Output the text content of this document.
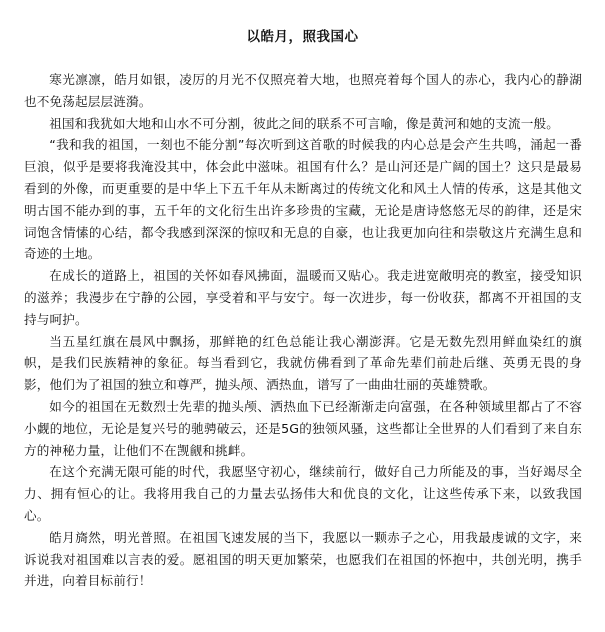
以皓月，照我国心

寒光凛凛，皓月如银，凌厉的月光不仅照亮着大地，也照亮着每个国人的赤心，我内心的静湖也不免荡起层层涟漪。

祖国和我犹如大地和山水不可分割，彼此之间的联系不可言喻，像是黄河和她的支流一般。

“我和我的祖国，一刻也不能分割”每次听到这首歌的时候我的内心总是会产生共鸣，涌起一番巨浪，似乎是要将我淹没其中，体会此中滋味。祖国有什么？是山河还是广阔的国土？这只是最易看到的外像，而更重要的是中华上下五千年从未断离过的传统文化和风土人情的传承，这是其他文明古国不能办到的事，五千年的文化衍生出许多珍贵的宝藏，无论是唐诗悠悠无尽的韵律，还是宋词饱含情愫的心结，都令我感到深深的惊叹和无息的自豪，也让我更加向往和崇敬这片充满生息和奇迹的土地。

在成长的道路上，祖国的关怀如春风拂面，温暖而又贴心。我走进宽敞明亮的教室，接受知识的滋养；我漫步在宁静的公园，享受着和平与安宁。每一次进步，每一份收获，都离不开祖国的支持与呵护。

当五星红旗在晨风中飘扬，那鲜艳的红色总能让我心潮澎湃。它是无数先烈用鲜血染红的旗帜，是我们民族精神的象征。每当看到它，我就仿佛看到了革命先辈们前赴后继、英勇无畏的身影，他们为了祖国的独立和尊严，抛头颅、洒热血，谱写了一曲曲壮丽的英雄赞歌。

如今的祖国在无数烈士先辈的抛头颅、洒热血下已经渐渐走向富强，在各种领域里都占了不容小觑的地位，无论是复兴号的驰骋破云，还是5G的独领风骚，这些都让全世界的人们看到了来自东方的神秘力量，让他们不在觊觎和挑衅。

在这个充满无限可能的时代，我愿坚守初心，继续前行，做好自己力所能及的事，当好竭尽全力、拥有恒心的让。我将用我自己的力量去弘扬伟大和优良的文化，让这些传承下来，以致我国心。

皓月旖然，明光普照。在祖国飞速发展的当下，我愿以一颗赤子之心，用我最虔诚的文字，来诉说我对祖国难以言表的爱。愿祖国的明天更加繁荣，也愿我们在祖国的怀抱中，共创光明，携手并进，向着目标前行！
